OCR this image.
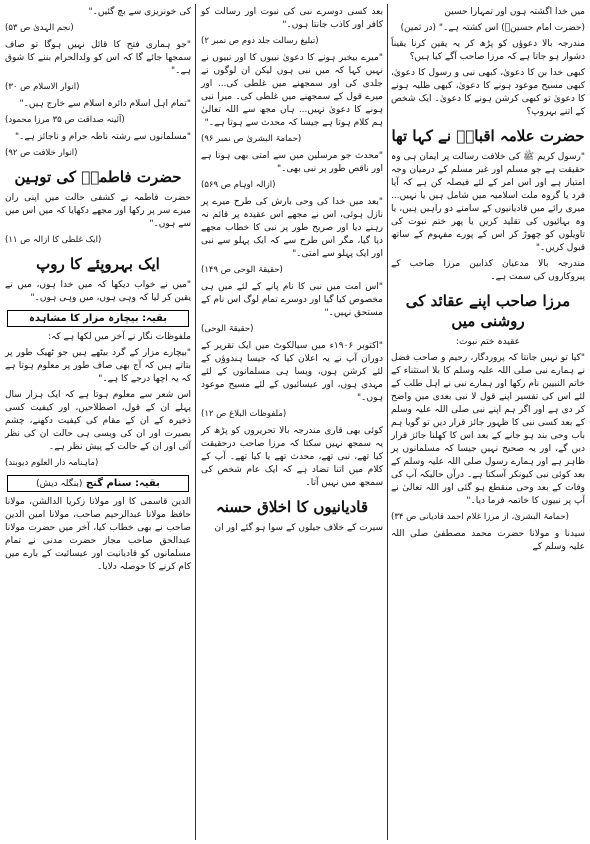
میں خدا اگشتہ ہوں اور تمہارا حسین

(حضرت امام حسینؓ) اس کشتہ ہے۔" (در ثمین)

مندرجہ بالا دعوؤں کو پڑھ کر یہ یقین کرنا یقیناً دشوار ہو جاتا ہے کہ مرزا صاحب آگے کیا ہیں؟

کبھی خدا بن کا دعویٰ، کبھی نبی و رسول کا دعویٰ، کبھی مسیح موعود ہونے کا دعویٰ، کبھی ظلیہ ہونے کا دعویٰ تو کبھی کرشن ہونے کا دعویٰ۔ ایک شخص کے اتنے بہروپ؟

حضرت علامہ اقبالؒ نے کہا تھا

"رسول کریم ﷺ کی خلافت رسالت پر ایمان ہی وہ حقیقت ہے جو مسلم اور غیر مسلم کے درمیان وجہ امتیاز ہے اور اس امر کے لئے فیصلہ کن ہے کہ آیا فرد یا گروہ ملت اسلامیہ میں شامل ہیں یا نہیں... میری رائے میں قادیانیوں کے سامنے دو راہیں ہیں، یا وہ بہائیوں کی تقلید کریں یا پھر ختم نبوت کی تاویلوں کو چھوڑ کر اس کے پورے مفہوم کے ساتھ قبول کریں۔"

مندرجہ بالا مدعیان کذابین مرزا صاحب کے پیروکاروں کی سمت ہے۔

مرزا صاحب اپنے عقائد کی روشنی میں

عقیدہ ختم نبوت:

"کیا تو نہیں جانتا کہ پروردگار، رحیم و صاحب فضل نے ہمارے نبی صلی اللہ علیہ وسلم کا بلا استثناء کے خاتم النبیین نام رکھا اور ہمارے نبی نے اہل طلب کے لئے اس کی تفسیر اپنے قول لا نبی بعدی میں واضح کر دی ہے اور اگر ہم اپنے نبی صلی اللہ علیہ وسلم کے بعد کسی نبی کا ظہور جائز قرار دیں تو گویا ہم باب وحی بند ہو جانے کے بعد اس کا کھلنا جائز قرار دیں گے، اور یہ صحیح نہیں جیسا کہ مسلمانوں پر ظاہر ہے اور ہمارے رسول صلی اللہ علیہ وسلم کے بعد کوئی نبی کیونکر آسکتا ہے۔ درآں حالیکہ آپ کی وفات کے بعد وحی منقطع ہو گئی اور اللہ تعالیٰ نے آپ پر نبیوں کا خاتمہ فرما دیا۔"

(حمامۃ البشریٰ، از مرزا غلام احمد قادیانی ص ۳۴)

سیدنا و مولانا حضرت محمد مصطفیٰ صلی اللہ علیہ وسلم کے

بعد کسی دوسرے نبی کی نبوت اور رسالت کو کافر اور کاذب جانتا ہوں۔"

(تبلیغ رسالت جلد دوم ص نمبر ۲)

"میرے بیخبر ہونے کا دعویٰ نبیوں کا اور نبیوں نے نہیں کہا کہ میں نبی ہوں لیکن ان لوگوں نے جلدی کی اور سمجھنے میں غلطی کی... اور میرے قول کے سمجھنے میں غلطی کی۔ میرا نبی ہونے کا دعویٰ نہیں... ہاں مجھ سے اللہ تعالیٰ ہم کلام ہوتا ہے جیسا کہ محدث سے ہوتا ہے۔"

(حمامۃ البشریٰ ص نمبر ۹۶)

"محدث جو مرسلین میں سے امتی بھی ہوتا ہے اور ناقص طور پر نبی بھی۔"

(ازالہ اوہام ص ۵۶۹)

"بعد میں خدا کی وحی بارش کی طرح میرے پر نازل ہوئی، اس نے مجھے اس عقیدہ پر قائم نہ رہنے دیا اور صریح طور پر نبی کا خطاب مجھے دیا گیا، مگر اس طرح سے کہ ایک پہلو سے نبی اور ایک پہلو سے امتی۔"

(حقیقۃ الوحی ص ۱۴۹)

"اس امت میں نبی کا نام پانے کے لئے میں ہی مخصوص کیا گیا اور دوسرے تمام لوگ اس نام کے مستحق نہیں۔"

(حقیقۃ الوحی)

"اکتوبر ۱۹۰۶ء میں سیالکوٹ میں ایک تقریر کے دوران آپ نے یہ اعلان کیا کہ جیسا ہندوؤں کے لئے کرشن ہوں، ویسا ہی مسلمانوں کے لئے مہدی ہوں، اور عیسائیوں کے لئے مسیح موعود ہوں۔"

(ملفوظات البلاغ ص ۱۲)

کوئی بھی قاری مندرجہ بالا تحریروں کو پڑھ کر یہ سمجھ نہیں سکتا کہ مرزا صاحب درحقیقت کیا تھے، نبی تھے، محدث تھے یا کیا تھے۔ آپ کے کلام میں اتنا تضاد ہے کہ ایک عام شخص کی سمجھ میں نہیں آتا۔

قادیانیوں کا اخلاق حسنہ

سیرت کے خلاف جیلوں کے سوا ہو گئے اور ان

کی خونریزی سے بچ گئیں۔"

(نجم الہدیٰ ص ۵۳)

"جو ہماری فتح کا قائل نہیں ہوگا تو صاف سمجھا جائے گا کہ اس کو ولدالحرام بننے کا شوق ہے۔"

(انوار الاسلام ص ۳۰)

"تمام اہل اسلام دائرہ اسلام سے خارج ہیں۔"

(آئینہ صداقت ص ۳۵ مرزا محمود)

"مسلمانوں سے رشتہ ناطہ حرام و ناجائز ہے۔"

(انوار خلافت ص ۹۲)

حضرت فاطمہؓ کی توہین

حضرت فاطمہ نے کشفی حالت میں اپنی ران میرے سر پر رکھا اور مجھے دکھایا کہ میں اس میں سے ہوں۔"

(ایک غلطی کا ازالہ ص ۱۱)

ایک بہروپئے کا روپ

"میں نے خواب دیکھا کہ میں خدا ہوں، میں نے یقین کر لیا کہ وہی ہوں، میں وہی ہوں۔"

بقیہ: بیچارہ مزار کا مشاہدہ

ملفوظات نگار نے آخر میں لکھا ہے کہ:

"بیچارے مزار کے گرد بیٹھے ہیں جو ٹھیک طور پر بتاتے ہیں کہ آج بھی صاف طور پر معلوم ہوتا ہے کہ یہ اچھا درجے کا ہے۔"

اس شعر سے معلوم ہوتا ہے کہ ایک ہزار سال پہلے ان کے قول، اصطلاحیں، اور کیفیت کسی ذخیرہ کے ان کے مقام کی کیفیت دکھنے، چشم بصیرت اور ان کی ویسی ہی حالت ان کی نظر آئی اور ان کے حالت کے پیش نظر ہے۔

(ماہنامہ دار العلوم دیوبند)

بقیہ: سنام گنج (بنگلہ دیش)

الدین قاسمی کا اور مولانا زکریا الدالشن، مولانا حافظ مولانا عبدالرحیم صاحب، مولانا امین الدین صاحب نے بھی خطاب کیا، آخر میں حضرت مولانا عبدالحق صاحب مجاز حضرت مدنی نے تمام مسلمانوں کو قادیانیت اور عیسائیت کے بارے میں کام کرنے کا حوصلہ دلایا۔
